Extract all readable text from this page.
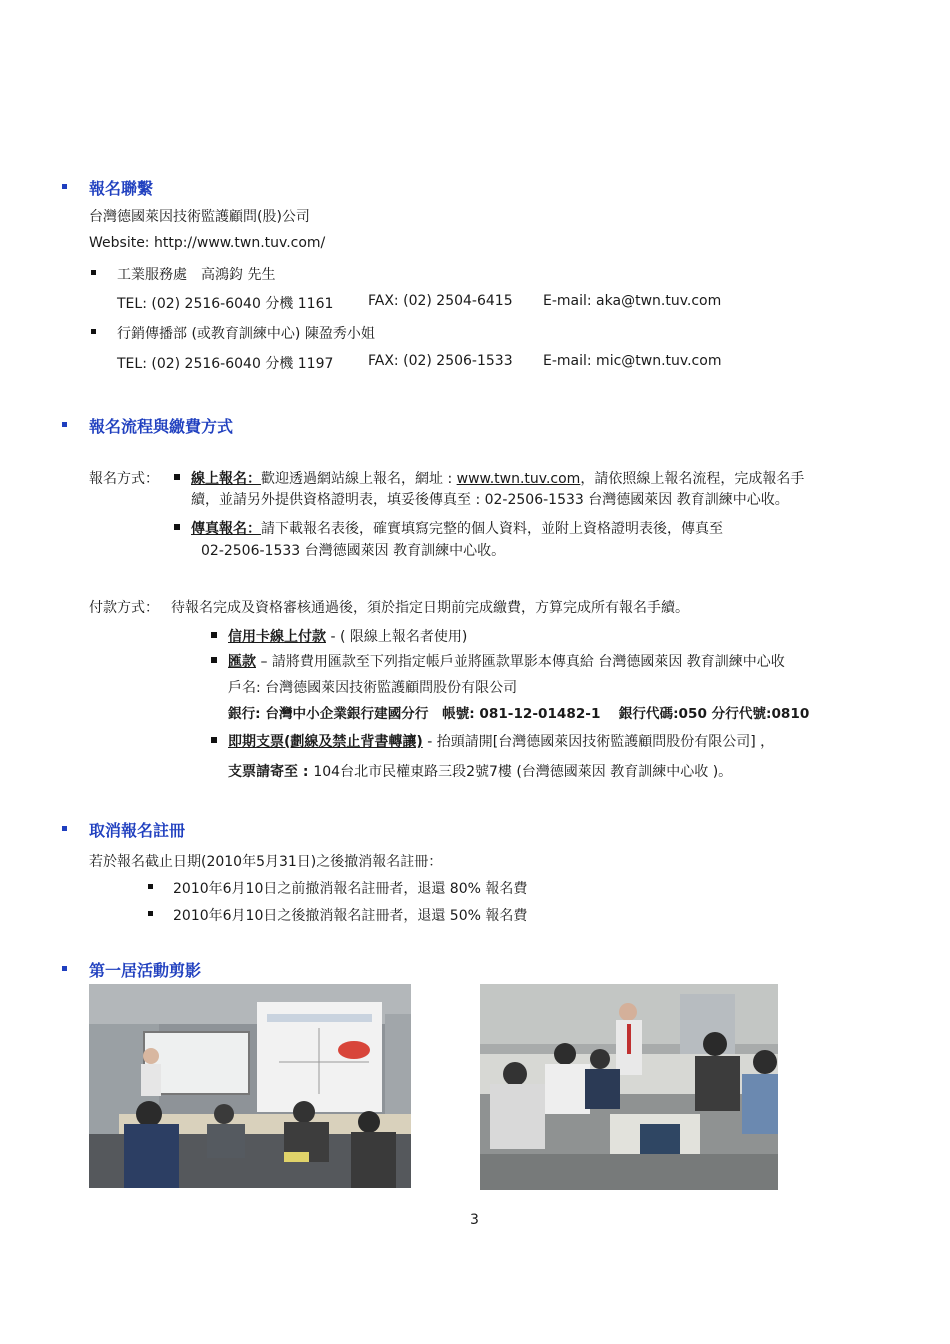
報名聯繫
台灣德國萊因技術監護顧問(股)公司
Website: http://www.twn.tuv.com/
工業服務處　高鴻鈞 先生
TEL: (02) 2516-6040 分機 1161 FAX: (02) 2504-6415 E-mail: aka@twn.tuv.com
行銷傳播部 (或教育訓練中心) 陳盈秀小姐
TEL: (02) 2516-6040 分機 1197 FAX: (02) 2506-1533 E-mail: mic@twn.tuv.com
報名流程與繳費方式
報名方式： 線上報名：歡迎透過網站線上報名，網址 : www.twn.tuv.com，請依照線上報名流程，完成報名手
續，並請另外提供資格證明表，填妥後傳真至 : 02-2506-1533 台灣德國萊因 教育訓練中心收。
傳真報名：請下載報名表後，確實填寫完整的個人資料，並附上資格證明表後，傳真至
02-2506-1533 台灣德國萊因 教育訓練中心收。
付款方式： 待報名完成及資格審核通過後，須於指定日期前完成繳費，方算完成所有報名手續。
信用卡線上付款 - ( 限線上報名者使用)
匯款 – 請將費用匯款至下列指定帳戶並將匯款單影本傳真給 台灣德國萊因 教育訓練中心收
戶名: 台灣德國萊因技術監護顧問股份有限公司
銀行: 台灣中小企業銀行建國分行　帳號: 081-12-01482-1　 銀行代碼:050 分行代號:0810
即期支票(劃線及禁止背書轉讓) - 抬頭請開[台灣德國萊因技術監護顧問股份有限公司] ，
支票請寄至 : 104台北市民權東路三段2號7樓 (台灣德國萊因 教育訓練中心收 )。
取消報名註冊
若於報名截止日期(2010年5月31日)之後撤消報名註冊：
2010年6月10日之前撤消報名註冊者，退還 80% 報名費
2010年6月10日之後撤消報名註冊者，退還 50% 報名費
第一居活動剪影
3
